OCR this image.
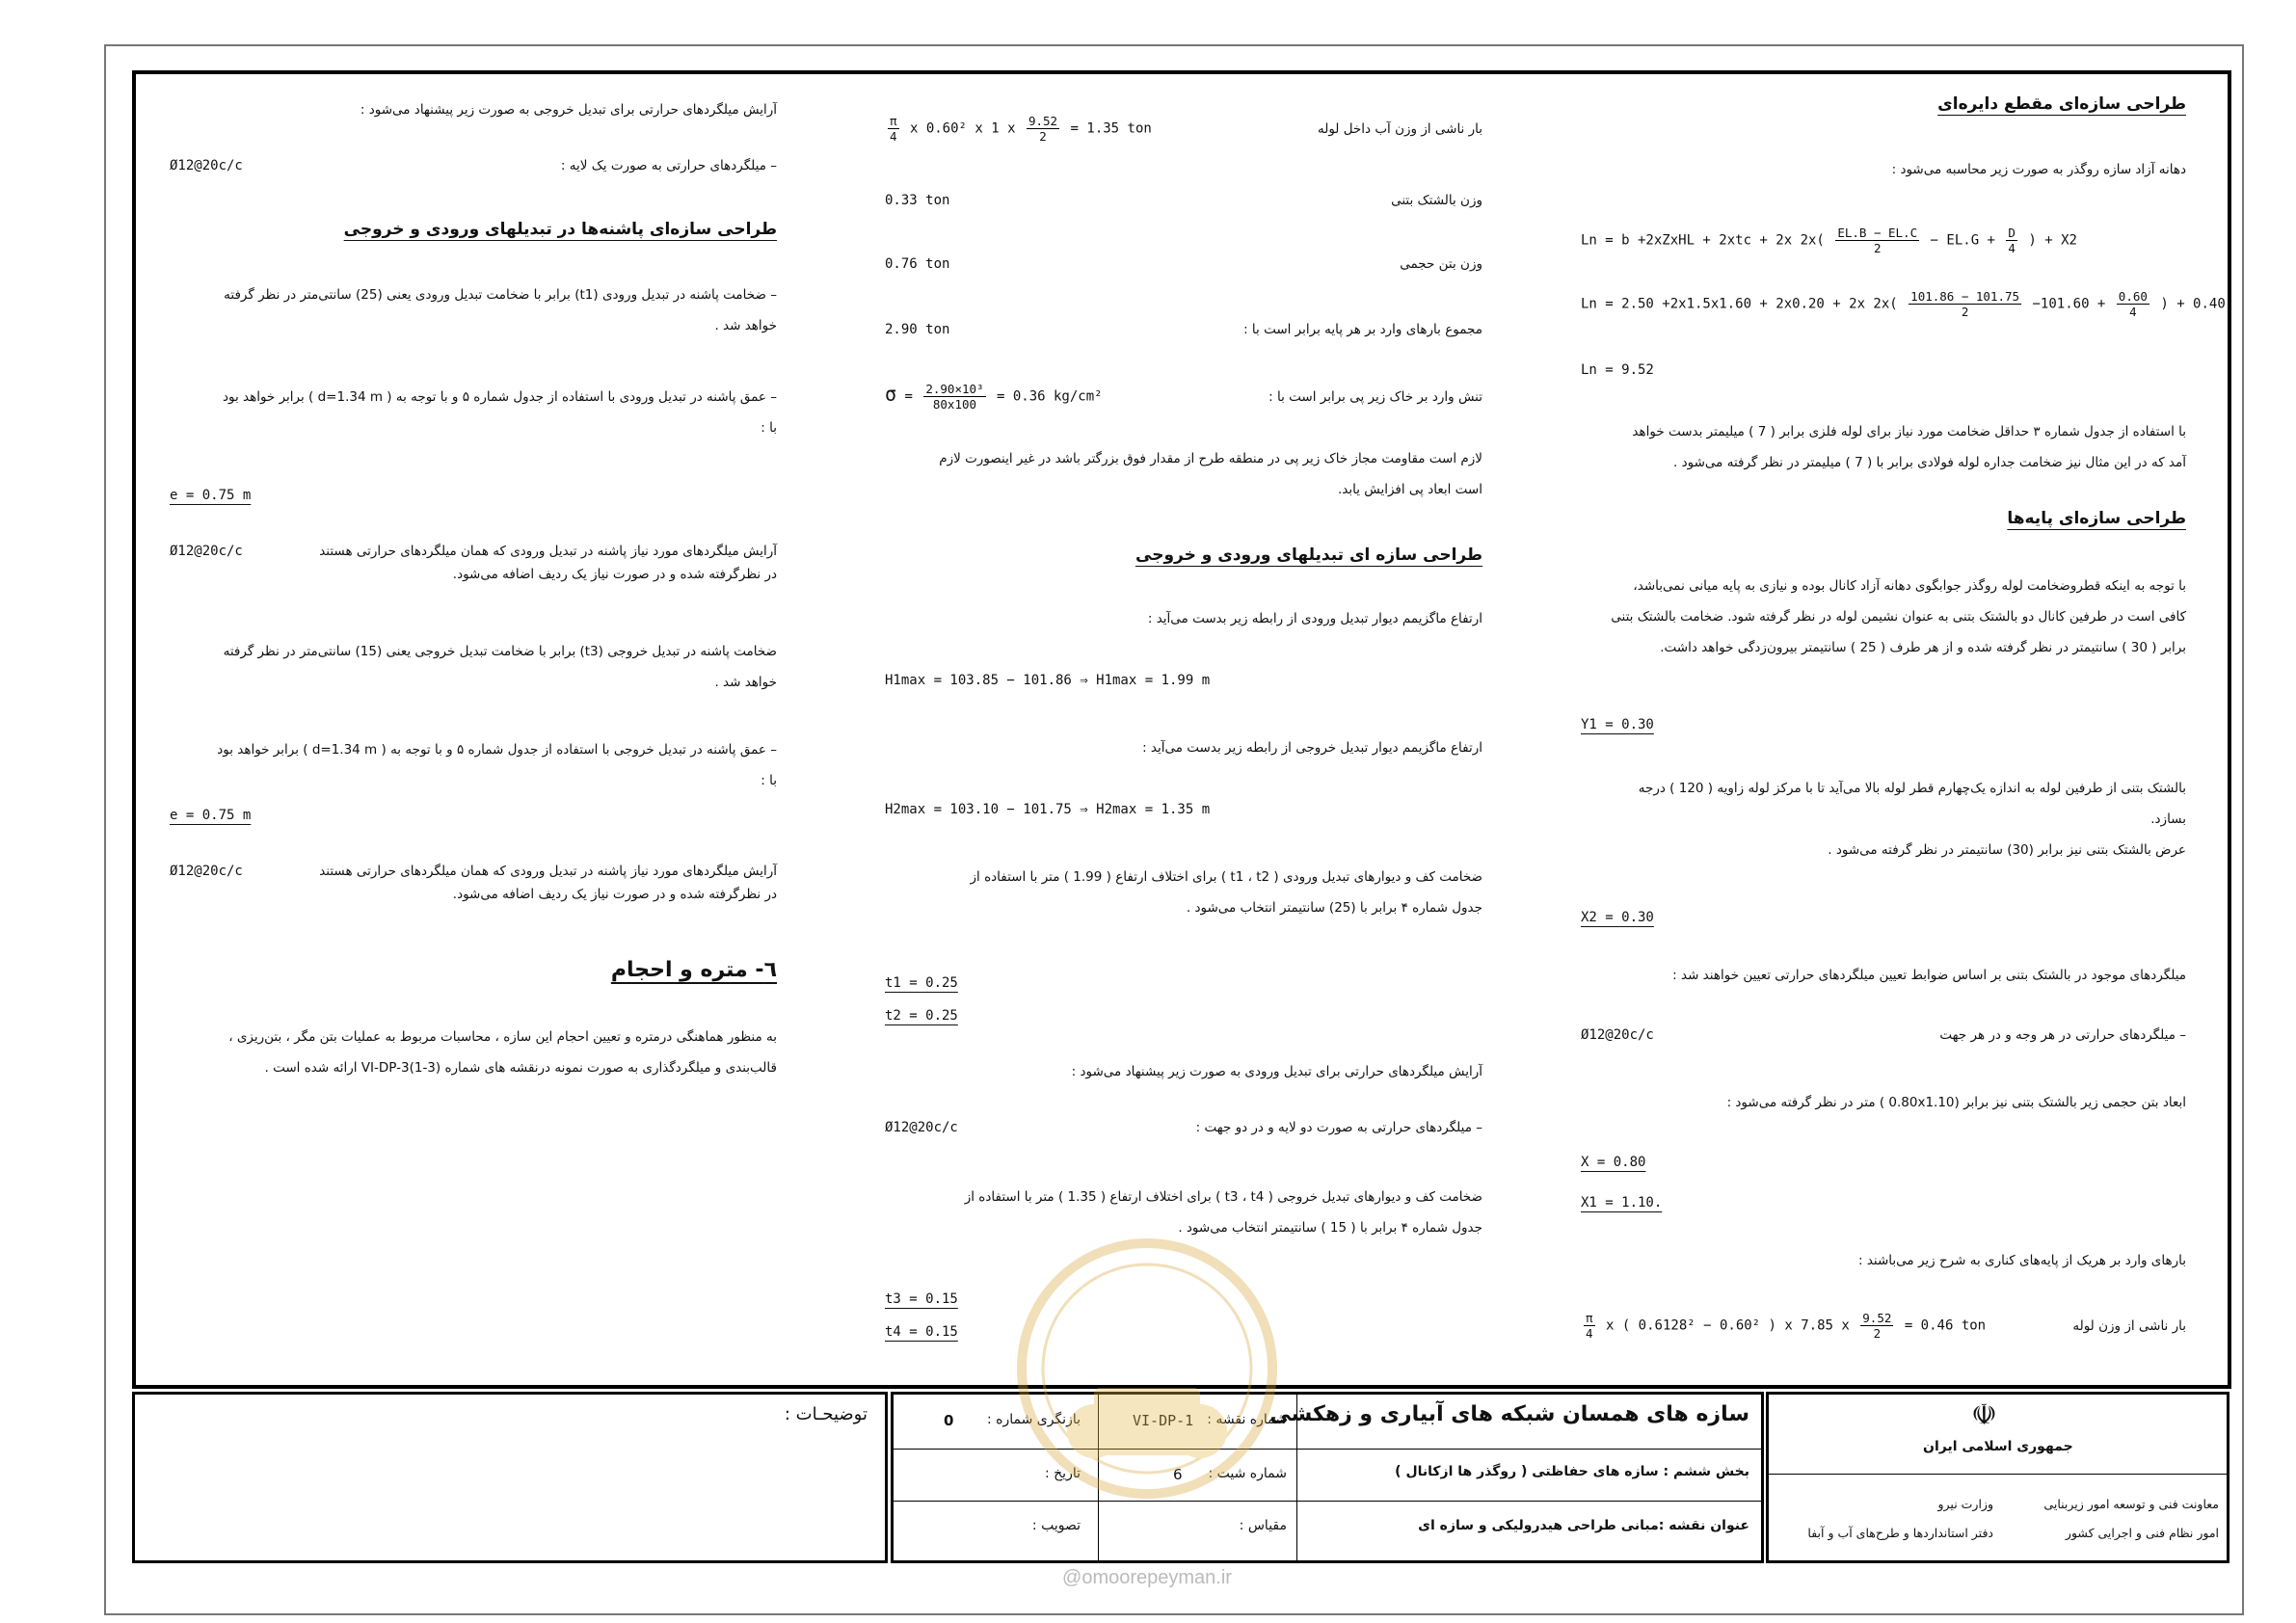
طراحی سازه‌ای مقطع دایره‌ای

دهانه آزاد سازه روگذر به صورت زیر محاسبه می‌شود :

Ln = b +2xZxHL + 2xtc + 2x $2x( \frac{EL.B - EL.C}{2} - EL.G + \frac{D}{4}$ ) + X2
Ln = 2.50 +2x1.5x1.60 + 2x0.20 + 2x $2x( \frac{101.86 - 101.75}{2} -101.60 + \frac{0.60}{4}$ ) + 0.40
Ln = 9.52

با استفاده از جدول شماره ۳ حداقل ضخامت مورد نیاز برای لوله فلزی برابر ( 7 ) میلیمتر بدست خواهد

آمد که در این مثال نیز ضخامت جداره لوله فولادی برابر با ( 7 ) میلیمتر در نظر گرفته می‌شود .

طراحی سازه‌ای پایه‌ها

با توجه به اینکه قطروضخامت لوله روگذر جوابگوی دهانه آزاد کانال بوده و نیازی به پایه میانی نمی‌باشد،

کافی است در طرفین کانال دو بالشتک بتنی به عنوان نشیمن لوله در نظر گرفته شود. ضخامت بالشتک بتنی

برابر ( 30 ) سانتیمتر در نظر گرفته شده و از هر طرف ( 25 ) سانتیمتر بیرون‌زدگی خواهد داشت.

Y1 = 0.30

بالشتک بتنی از طرفین لوله به اندازه یک‌چهارم قطر لوله بالا می‌آید تا با مرکز لوله زاویه ( 120 ) درجه

بسازد.

عرض بالشتک بتنی نیز برابر (30) سانتیمتر در نظر گرفته می‌شود .

X2 = 0.30

میلگردهای موجود در بالشتک بتنی بر اساس ضوابط تعیین میلگردهای حرارتی تعیین خواهند شد :

– میلگردهای حرارتی در هر وجه و در هر جهت
Ø12@20c/c

ابعاد بتن حجمی زیر بالشتک بتنی نیز برابر (0.80x1.10 ) متر در نظر گرفته می‌شود :

X = 0.80
X1 = 1.10.

بارهای وارد بر هریک از پایه‌های کناری به شرح زیر می‌باشند :

بار ناشی از وزن لوله
$\frac{\pi}{4}$ x ( 0.6128² − 0.60² ) x 7.85 x $\frac{9.52}{2} = 0.46$ ton
بار ناشی از وزن آب داخل لوله
$\frac{\pi}{4}$ x 0.60² x 1 x $\frac{9.52}{2} = 1.35$ ton
وزن بالشتک بتنی
0.33 ton
وزن بتن حجمی
0.76 ton
مجموع بارهای وارد بر هر پایه برابر است با :
2.90 ton
تنش وارد بر خاک زیر پی برابر است با :
$\sigma = \frac{\text{2.90×10³}}{80x100} = 0.36$ kg/cm²

لازم است مقاومت مجاز خاک زیر پی در منطقه طرح از مقدار فوق بزرگتر باشد در غیر اینصورت لازم

است ابعاد پی افزایش یابد.

طراحی سازه ای تبدیلهای ورودی و خروجی

ارتفاع ماگزیمم دیوار تبدیل ورودی از رابطه زیر بدست می‌آید :

H1max = 103.85 − 101.86 ⇒ H1max = 1.99 m

ارتفاع ماگزیمم دیوار تبدیل خروجی از رابطه زیر بدست می‌آید :

H2max = 103.10 − 101.75 ⇒ H2max = 1.35 m

ضخامت کف و دیوارهای تبدیل ورودی ( t1 ، t2 ) برای اختلاف ارتفاع ( 1.99 ) متر با استفاده از

جدول شماره ۴ برابر با (25) سانتیمتر انتخاب می‌شود .

t1 = 0.25
t2 = 0.25

آرایش میلگردهای حرارتی برای تبدیل ورودی به صورت زیر پیشنهاد می‌شود :

– میلگردهای حرارتی به صورت دو لایه و در دو جهت :
Ø12@20c/c

ضخامت کف و دیوارهای تبدیل خروجی ( t3 ، t4 ) برای اختلاف ارتفاع ( 1.35 ) متر با استفاده از

جدول شماره ۴ برابر با ( 15 ) سانتیمتر انتخاب می‌شود .

t3 = 0.15
t4 = 0.15

آرایش میلگردهای حرارتی برای تبدیل خروجی به صورت زیر پیشنهاد می‌شود :

– میلگردهای حرارتی به صورت یک لایه :
Ø12@20c/c
طراحی سازه‌ای پاشنه‌ها در تبدیلهای ورودی و خروجی

– ضخامت پاشنه در تبدیل ورودی (t1) برابر با ضخامت تبدیل ورودی یعنی (25) سانتی‌متر در نظر گرفته

خواهد شد .

– عمق پاشنه در تبدیل ورودی با استفاده از جدول شماره ۵ و با توجه به ( d=1.34 m ) برابر خواهد بود

با :

e = 0.75 m
آرایش میلگردهای مورد نیاز پاشنه در تبدیل ورودی که همان میلگردهای حرارتی هستند
Ø12@20c/c

در نظرگرفته شده و در صورت نیاز یک ردیف اضافه می‌شود.

ضخامت پاشنه در تبدیل خروجی (t3) برابر با ضخامت تبدیل خروجی یعنی (15) سانتی‌متر در نظر گرفته

خواهد شد .

– عمق پاشنه در تبدیل خروجی با استفاده از جدول شماره ۵ و با توجه به ( d=1.34 m ) برابر خواهد بود

با :

e = 0.75 m
آرایش میلگردهای مورد نیاز پاشنه در تبدیل ورودی که همان میلگردهای حرارتی هستند
Ø12@20c/c

در نظرگرفته شده و در صورت نیاز یک ردیف اضافه می‌شود.

٦- متره و احجام

به منظور هماهنگی درمتره و تعیین احجام این سازه ، محاسبات مربوط به عملیات بتن مگر ، بتن‌ریزی ،

قالب‌بندی و میلگردگذاری به صورت نمونه درنقشه های شماره (VI-DP-3(1-3 ارائه شده است .

توضیحـات :	سازه های همسان شبکه های آبیاری و زهکشی
بخش ششم : سازه های حفاظتی ( روگذر ها ازکانال )
عنوان نقشه :مبانی طراحی هیدرولیکی و سازه ای
شماره نقشه :
VI-DP-1
شماره شیت :
6
مقیاس :
بازنگری شماره :
0
تاریخ :
تصویب :
☫
جمهوری اسلامی ایران
معاونت فنی و توسعه امور زیربنایی
امور نظام فنی و اجرایی کشور
وزارت نیرو
دفتر استانداردها و طرح‌های آب و آبفا
@omoorepeyman.ir
